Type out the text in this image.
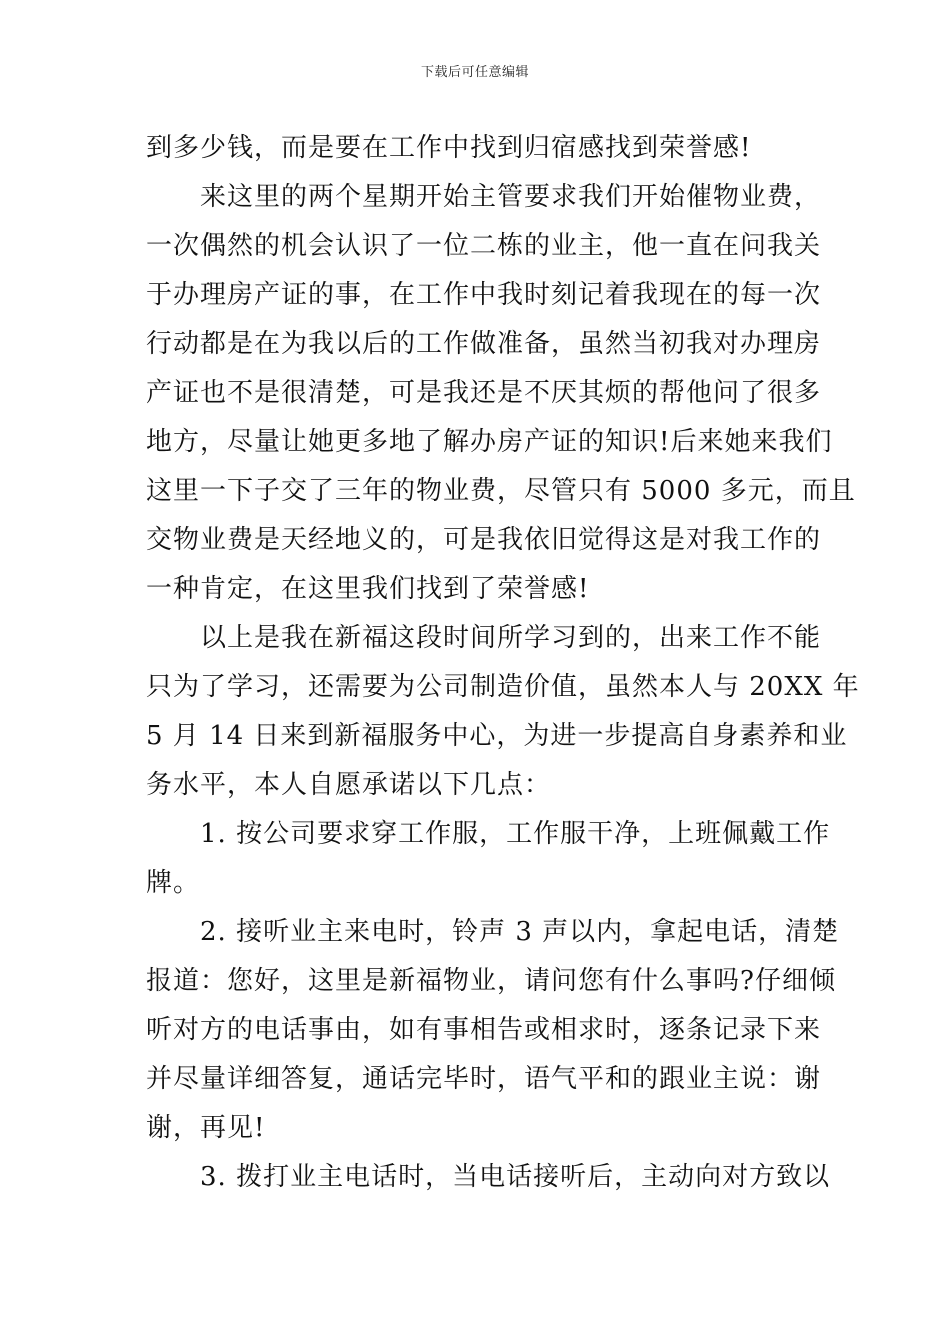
下载后可任意编辑
到多少钱，而是要在工作中找到归宿感找到荣誉感!
　　来这里的两个星期开始主管要求我们开始催物业费，
一次偶然的机会认识了一位二栋的业主，他一直在问我关
于办理房产证的事，在工作中我时刻记着我现在的每一次
行动都是在为我以后的工作做准备，虽然当初我对办理房
产证也不是很清楚，可是我还是不厌其烦的帮他问了很多
地方，尽量让她更多地了解办房产证的知识!后来她来我们
这里一下子交了三年的物业费，尽管只有 5000 多元，而且
交物业费是天经地义的，可是我依旧觉得这是对我工作的
一种肯定，在这里我们找到了荣誉感!
　　以上是我在新福这段时间所学习到的，出来工作不能
只为了学习，还需要为公司制造价值，虽然本人与 20XX 年
5 月 14 日来到新福服务中心，为进一步提高自身素养和业
务水平，本人自愿承诺以下几点：
　　1. 按公司要求穿工作服，工作服干净，上班佩戴工作
牌。
　　2. 接听业主来电时，铃声 3 声以内，拿起电话，清楚
报道：您好，这里是新福物业，请问您有什么事吗?仔细倾
听对方的电话事由，如有事相告或相求时，逐条记录下来
并尽量详细答复，通话完毕时，语气平和的跟业主说：谢
谢，再见!
　　3. 拨打业主电话时，当电话接听后，主动向对方致以
